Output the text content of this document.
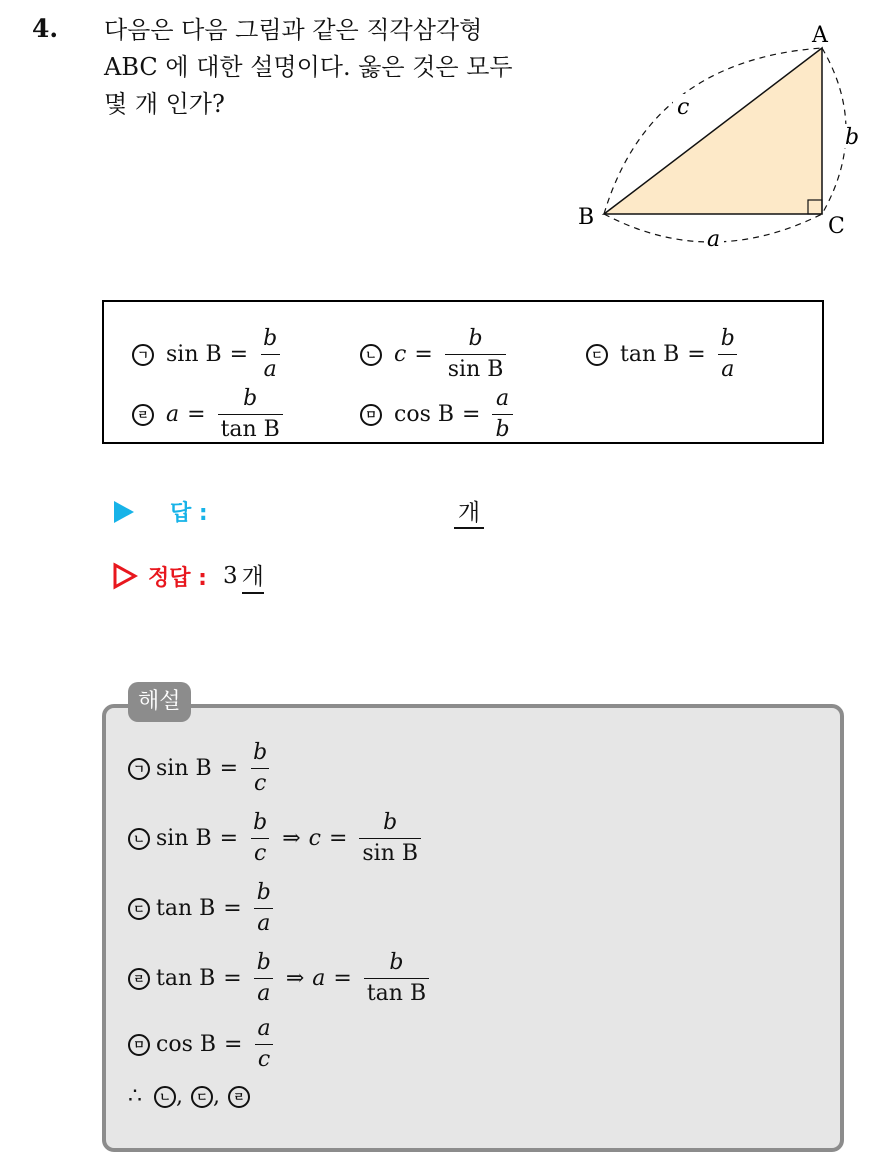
4. 다음은 다음 그림과 같은 직각삼각형
ABC 에 대한 설명이다. 옳은 것은 모두
몇 개 인가?
A
B	C
c
b
a
ㄱ $\sin B = \frac{b}{a}$	ㄴ $c = \frac{b}{\text{sin B}}$	ㄷ $\tan B = \frac{b}{a}$
ㄹ $a = \frac{b}{\text{tan B}}$	ㅁ $\cos B = \frac{a}{b}$
답 :	개
정답 : 3 개
해설
ㄱ $\sin B = \frac{b}{c}$
ㄴ $\sin B = \frac{b}{c}$ ⇒ $c = \frac{b}{\text{sin B}}$
ㄷ $\tan B = \frac{b}{a}$
ㄹ $\tan B = \frac{b}{a}$ ⇒ $a = \frac{b}{\text{tan B}}$
ㅁ $\cos B = \frac{a}{c}$
∴	ㄴ ,	ㄷ ,	ㄹ
